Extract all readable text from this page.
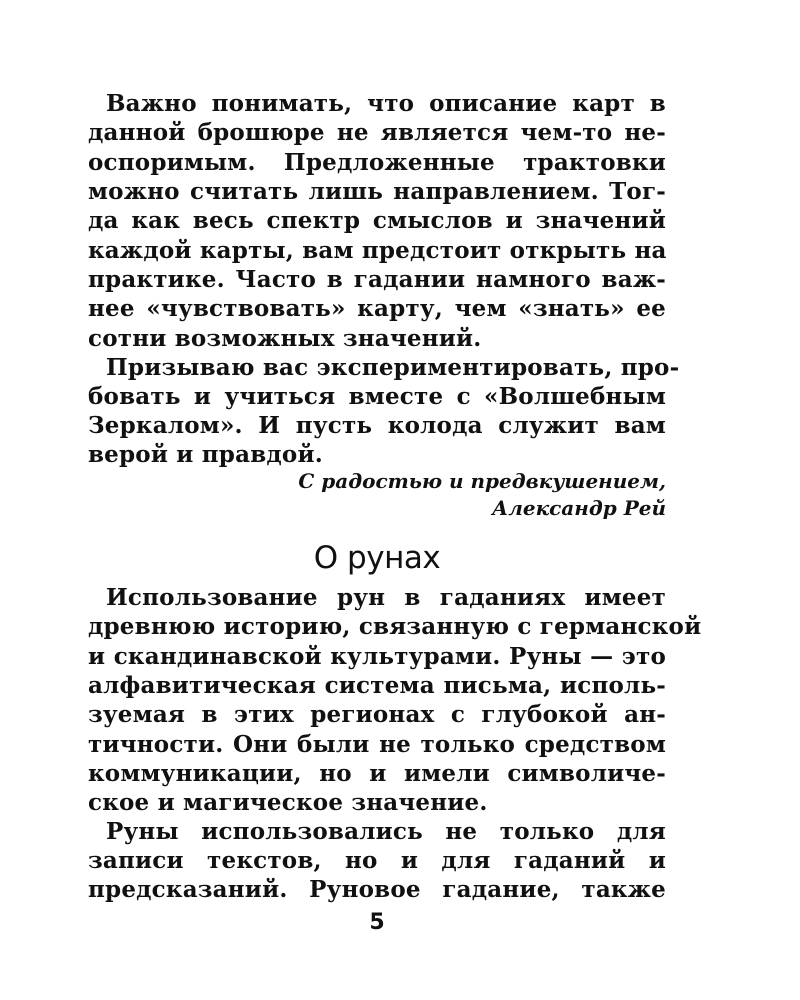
Важно понимать, что описание карт в
данной брошюре не является чем-то не-
оспоримым. Предложенные трактовки
можно считать лишь направлением. Тог-
да как весь спектр смыслов и значений
каждой карты, вам предстоит открыть на
практике. Часто в гадании намного важ-
нее «чувствовать» карту, чем «знать» ее
сотни возможных значений.
Призываю вас экспериментировать, про-
бовать и учиться вместе с «Волшебным
Зеркалом». И пусть колода служит вам
верой и правдой.
С радостью и предвкушением,
Александр Рей
О рунах
Использование рун в гаданиях имеет
древнюю историю, связанную с германской
и скандинавской культурами. Руны — это
алфавитическая система письма, исполь-
зуемая в этих регионах с глубокой ан-
тичности. Они были не только средством
коммуникации, но и имели символиче-
ское и магическое значение.
Руны использовались не только для
записи текстов, но и для гаданий и
предсказаний. Руновое гадание, также
5
